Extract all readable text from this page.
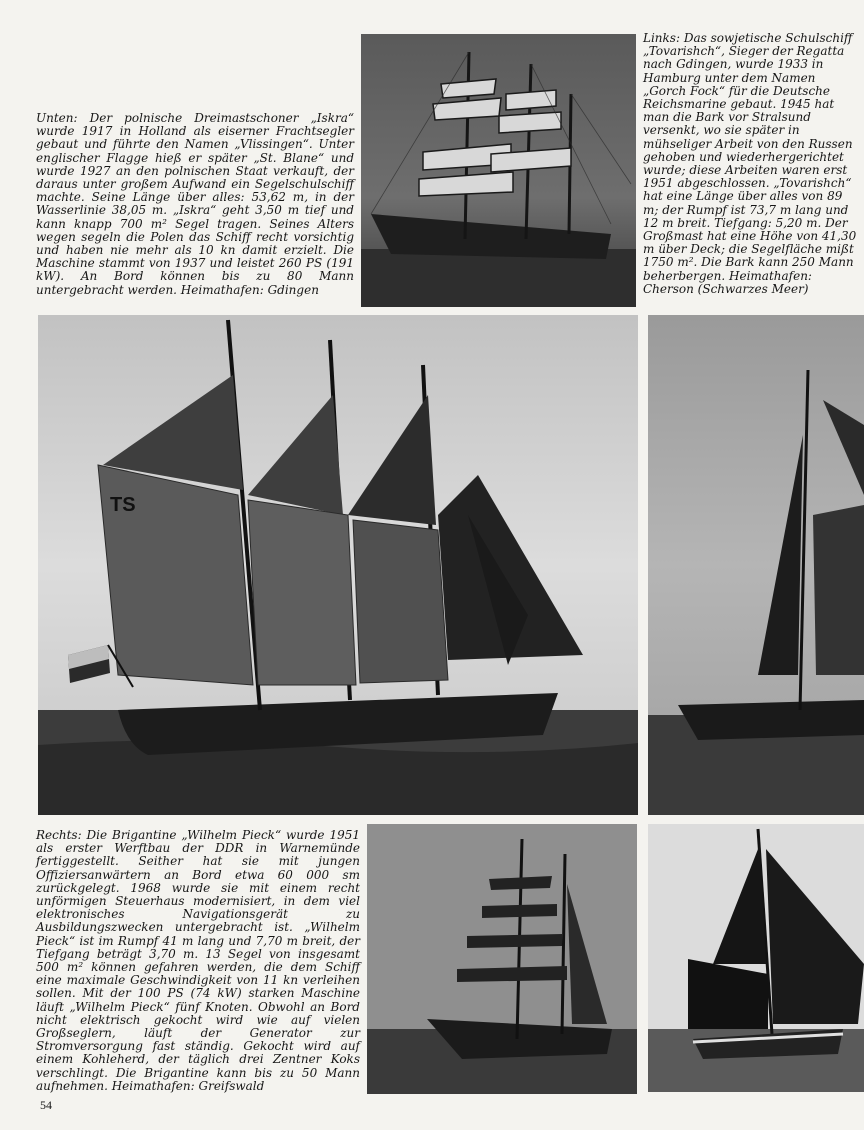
Unten: Der polnische Dreimastschoner „Iskra“ wurde 1917 in Holland als eiserner Frachtsegler gebaut und führte den Namen „Vlissingen“. Unter englischer Flagge hieß er später „St. Blane“ und wurde 1927 an den polnischen Staat verkauft, der daraus unter großem Aufwand ein Segelschulschiff machte. Seine Länge über alles: 53,62 m, in der Wasserlinie 38,05 m. „Iskra“ geht 3,50 m tief und kann knapp 700 m² Segel tragen. Seines Alters wegen segeln die Polen das Schiff recht vorsichtig und haben nie mehr als 10 kn damit erzielt. Die Maschine stammt von 1937 und leistet 260 PS (191 kW). An Bord können bis zu 80 Mann untergebracht werden. Heimathafen: Gdingen

Links: Das sowjetische Schulschiff „Tovarishch“, Sieger der Regatta nach Gdingen, wurde 1933 in Hamburg unter dem Namen „Gorch Fock“ für die Deutsche Reichsmarine gebaut. 1945 hat man die Bark vor Stralsund versenkt, wo sie später in mühseliger Arbeit von den Russen gehoben und wiederhergerichtet wurde; diese Arbeiten waren erst 1951 abgeschlossen. „Tovarishch“ hat eine Länge über alles von 89 m; der Rumpf ist 73,7 m lang und 12 m breit. Tiefgang: 5,20 m. Der Großmast hat eine Höhe von 41,30 m über Deck; die Segelfläche mißt 1750 m². Die Bark kann 250 Mann beherbergen. Heimathafen: Cherson (Schwarzes Meer)

TS

Rechts: Die Brigantine „Wilhelm Pieck“ wurde 1951 als erster Werftbau der DDR in Warnemünde fertiggestellt. Seither hat sie mit jungen Offiziersanwärtern an Bord etwa 60 000 sm zurückgelegt. 1968 wurde sie mit einem recht unförmigen Steuerhaus modernisiert, in dem viel elektronisches Navigationsgerät zu Ausbildungszwecken untergebracht ist. „Wilhelm Pieck“ ist im Rumpf 41 m lang und 7,70 m breit, der Tiefgang beträgt 3,70 m. 13 Segel von insgesamt 500 m² können gefahren werden, die dem Schiff eine maximale Geschwindigkeit von 11 kn verleihen sollen. Mit der 100 PS (74 kW) starken Maschine läuft „Wilhelm Pieck“ fünf Knoten. Obwohl an Bord nicht elektrisch gekocht wird wie auf vielen Großseglern, läuft der Generator zur Stromversorgung fast ständig. Gekocht wird auf einem Kohleherd, der täglich drei Zentner Koks verschlingt. Die Brigantine kann bis zu 50 Mann aufnehmen. Heimathafen: Greifswald

54
